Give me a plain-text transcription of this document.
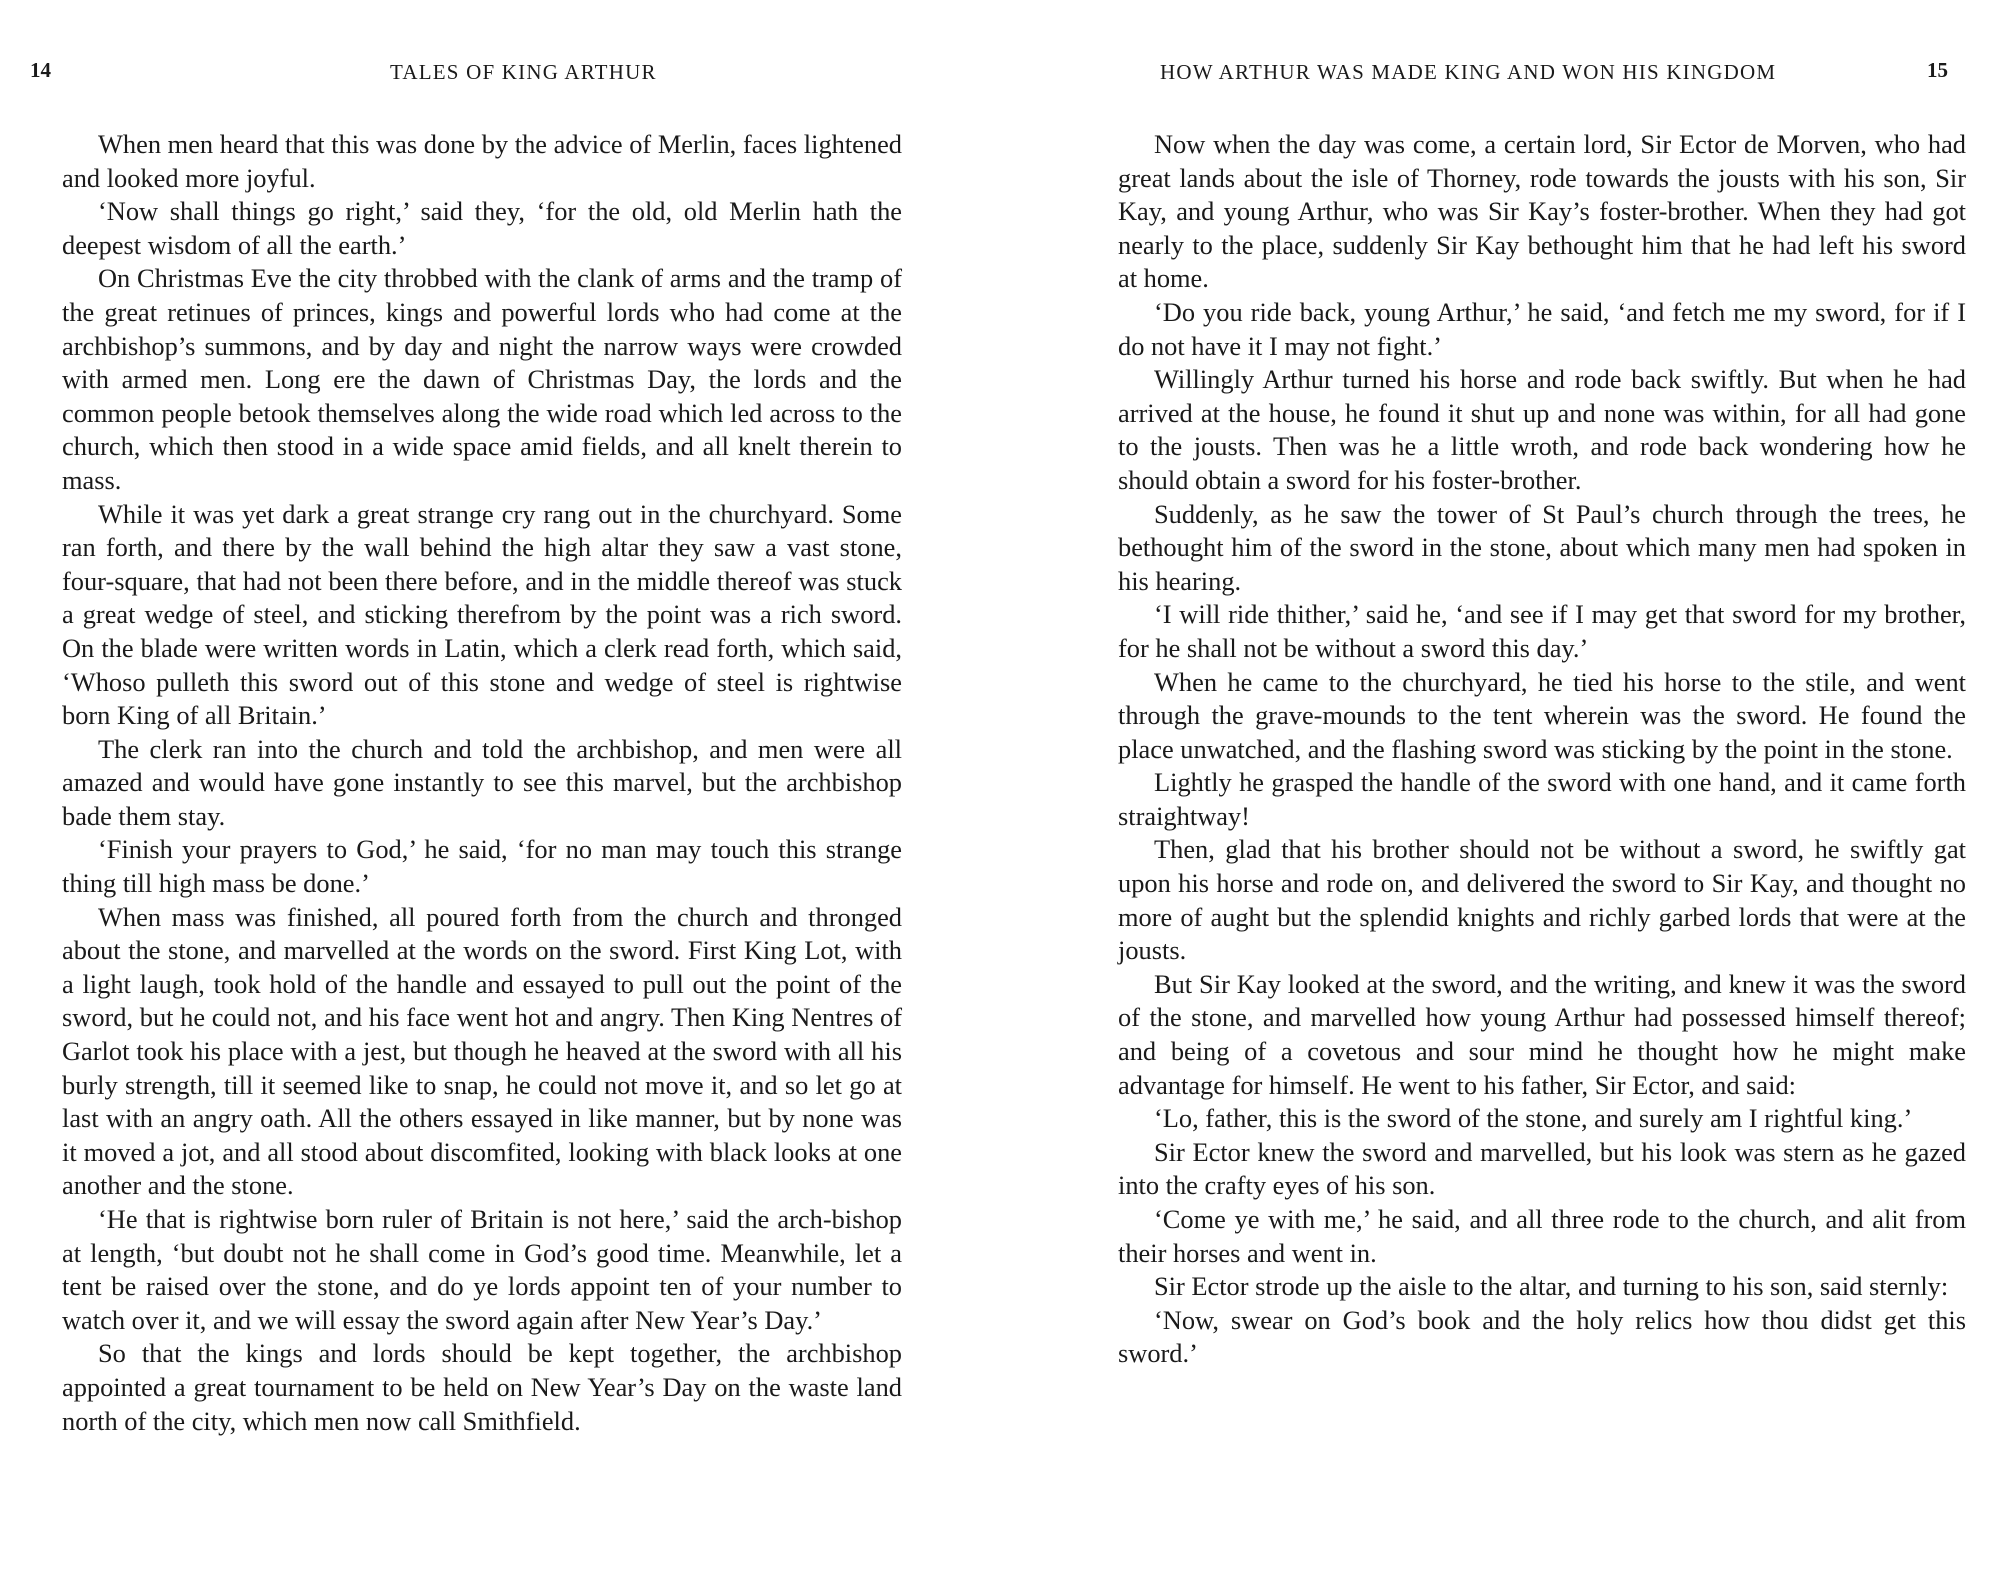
14	TALES OF KING ARTHUR

When men heard that this was done by the advice of Merlin, faces lightened and looked more joyful.

‘Now shall things go right,’ said they, ‘for the old, old Merlin hath the deepest wisdom of all the earth.’

On Christmas Eve the city throbbed with the clank of arms and the tramp of the great retinues of princes, kings and powerful lords who had come at the archbishop’s summons, and by day and night the narrow ways were crowded with armed men. Long ere the dawn of Christmas Day, the lords and the common people betook themselves along the wide road which led across to the church, which then stood in a wide space amid fields, and all knelt therein to mass.

While it was yet dark a great strange cry rang out in the churchyard. Some ran forth, and there by the wall behind the high altar they saw a vast stone, four-square, that had not been there before, and in the middle thereof was stuck a great wedge of steel, and sticking therefrom by the point was a rich sword. On the blade were written words in Latin, which a clerk read forth, which said, ‘Whoso pulleth this sword out of this stone and wedge of steel is rightwise born King of all Britain.’

The clerk ran into the church and told the archbishop, and men were all amazed and would have gone instantly to see this marvel, but the archbishop bade them stay.

‘Finish your prayers to God,’ he said, ‘for no man may touch this strange thing till high mass be done.’

When mass was finished, all poured forth from the church and thronged about the stone, and marvelled at the words on the sword. First King Lot, with a light laugh, took hold of the handle and essayed to pull out the point of the sword, but he could not, and his face went hot and angry. Then King Nentres of Garlot took his place with a jest, but though he heaved at the sword with all his burly strength, till it seemed like to snap, he could not move it, and so let go at last with an angry oath. All the others essayed in like manner, but by none was it moved a jot, and all stood about discomfited, looking with black looks at one another and the stone.

‘He that is rightwise born ruler of Britain is not here,’ said the arch-bishop at length, ‘but doubt not he shall come in God’s good time. Meanwhile, let a tent be raised over the stone, and do ye lords appoint ten of your number to watch over it, and we will essay the sword again after New Year’s Day.’

So that the kings and lords should be kept together, the archbishop appointed a great tournament to be held on New Year’s Day on the waste land north of the city, which men now call Smithfield.

HOW ARTHUR WAS MADE KING AND WON HIS KINGDOM	15

Now when the day was come, a certain lord, Sir Ector de Morven, who had great lands about the isle of Thorney, rode towards the jousts with his son, Sir Kay, and young Arthur, who was Sir Kay’s foster-brother. When they had got nearly to the place, suddenly Sir Kay bethought him that he had left his sword at home.

‘Do you ride back, young Arthur,’ he said, ‘and fetch me my sword, for if I do not have it I may not fight.’

Willingly Arthur turned his horse and rode back swiftly. But when he had arrived at the house, he found it shut up and none was within, for all had gone to the jousts. Then was he a little wroth, and rode back wondering how he should obtain a sword for his foster-brother.

Suddenly, as he saw the tower of St Paul’s church through the trees, he bethought him of the sword in the stone, about which many men had spoken in his hearing.

‘I will ride thither,’ said he, ‘and see if I may get that sword for my brother, for he shall not be without a sword this day.’

When he came to the churchyard, he tied his horse to the stile, and went through the grave-mounds to the tent wherein was the sword. He found the place unwatched, and the flashing sword was sticking by the point in the stone.

Lightly he grasped the handle of the sword with one hand, and it came forth straightway!

Then, glad that his brother should not be without a sword, he swiftly gat upon his horse and rode on, and delivered the sword to Sir Kay, and thought no more of aught but the splendid knights and richly garbed lords that were at the jousts.

But Sir Kay looked at the sword, and the writing, and knew it was the sword of the stone, and marvelled how young Arthur had possessed himself thereof; and being of a covetous and sour mind he thought how he might make advantage for himself. He went to his father, Sir Ector, and said:

‘Lo, father, this is the sword of the stone, and surely am I rightful king.’

Sir Ector knew the sword and marvelled, but his look was stern as he gazed into the crafty eyes of his son.

‘Come ye with me,’ he said, and all three rode to the church, and alit from their horses and went in.

Sir Ector strode up the aisle to the altar, and turning to his son, said sternly:

‘Now, swear on God’s book and the holy relics how thou didst get this sword.’
